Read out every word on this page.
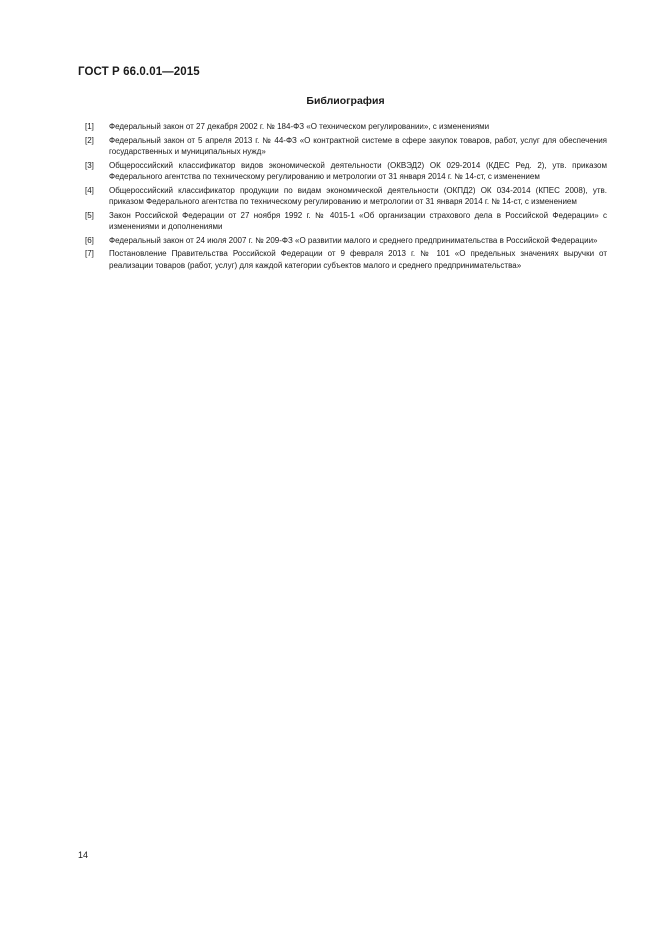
ГОСТ Р 66.0.01—2015
Библиография
[1]	Федеральный закон от 27 декабря 2002 г. № 184-ФЗ «О техническом регулировании», с изменениями
[2]	Федеральный закон от 5 апреля 2013 г. № 44-ФЗ «О контрактной системе в сфере закупок товаров, работ, услуг для обеспечения государственных и муниципальных нужд»
[3]	Общероссийский классификатор видов экономической деятельности (ОКВЭД2) ОК 029-2014 (КДЕС Ред. 2), утв. приказом Федерального агентства по техническому регулированию и метрологии от 31 января 2014 г. № 14-ст, с изменением
[4]	Общероссийский классификатор продукции по видам экономической деятельности (ОКПД2) ОК 034-2014 (КПЕС 2008), утв. приказом Федерального агентства по техническому регулированию и метрологии от 31 января 2014 г. № 14-ст, с изменением
[5]	Закон Российской Федерации от 27 ноября 1992 г. № 4015-1 «Об организации страхового дела в Российской Федерации» с изменениями и дополнениями
[6]	Федеральный закон от 24 июля 2007 г. № 209-ФЗ «О развитии малого и среднего предпринимательства в Российской Федерации»
[7]	Постановление Правительства Российской Федерации от 9 февраля 2013 г. № 101 «О предельных значениях выручки от реализации товаров (работ, услуг) для каждой категории субъектов малого и среднего предпринимательства»
14
